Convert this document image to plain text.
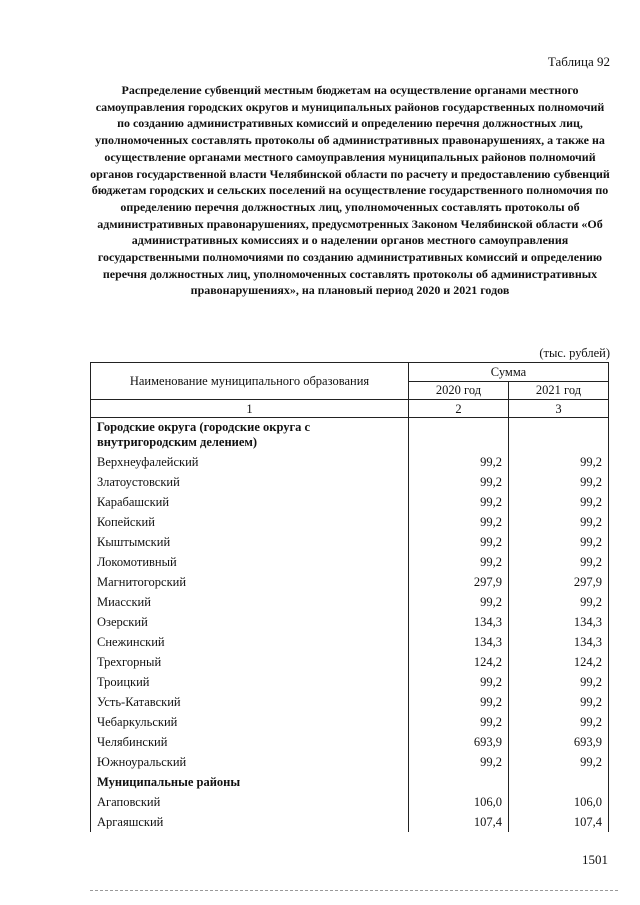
Таблица 92

Распределение субвенций местным бюджетам на осуществление органами местного самоуправления городских округов и муниципальных районов государственных полномочий по созданию административных комиссий и определению перечня должностных лиц, уполномоченных составлять протоколы об административных правонарушениях, а также на осуществление органами местного самоуправления муниципальных районов полномочий органов государственной власти Челябинской области по расчету и предоставлению субвенций бюджетам городских и сельских поселений на осуществление государственного полномочия по определению перечня должностных лиц, уполномоченных составлять протоколы об административных правонарушениях, предусмотренных Законом Челябинской области «Об административных комиссиях и о наделении органов местного самоуправления государственными полномочиями по созданию административных комиссий и определению перечня должностных лиц, уполномоченных составлять протоколы об административных правонарушениях», на плановый период 2020 и 2021 годов

(тыс. рублей)
Наименование муниципального образования	Сумма	
	2020 год	2021 год
1	2	3
Городские округа (городские округа с внутригородским делением)		
Верхнеуфалейский	99,2	99,2
Златоустовский	99,2	99,2
Карабашский	99,2	99,2
Копейский	99,2	99,2
Кыштымский	99,2	99,2
Локомотивный	99,2	99,2
Магнитогорский	297,9	297,9
Миасский	99,2	99,2
Озерский	134,3	134,3
Снежинский	134,3	134,3
Трехгорный	124,2	124,2
Троицкий	99,2	99,2
Усть-Катавский	99,2	99,2
Чебаркульский	99,2	99,2
Челябинский	693,9	693,9
Южноуральский	99,2	99,2
Муниципальные районы		
Агаповский	106,0	106,0
Аргаяшский	107,4	107,4
1501
